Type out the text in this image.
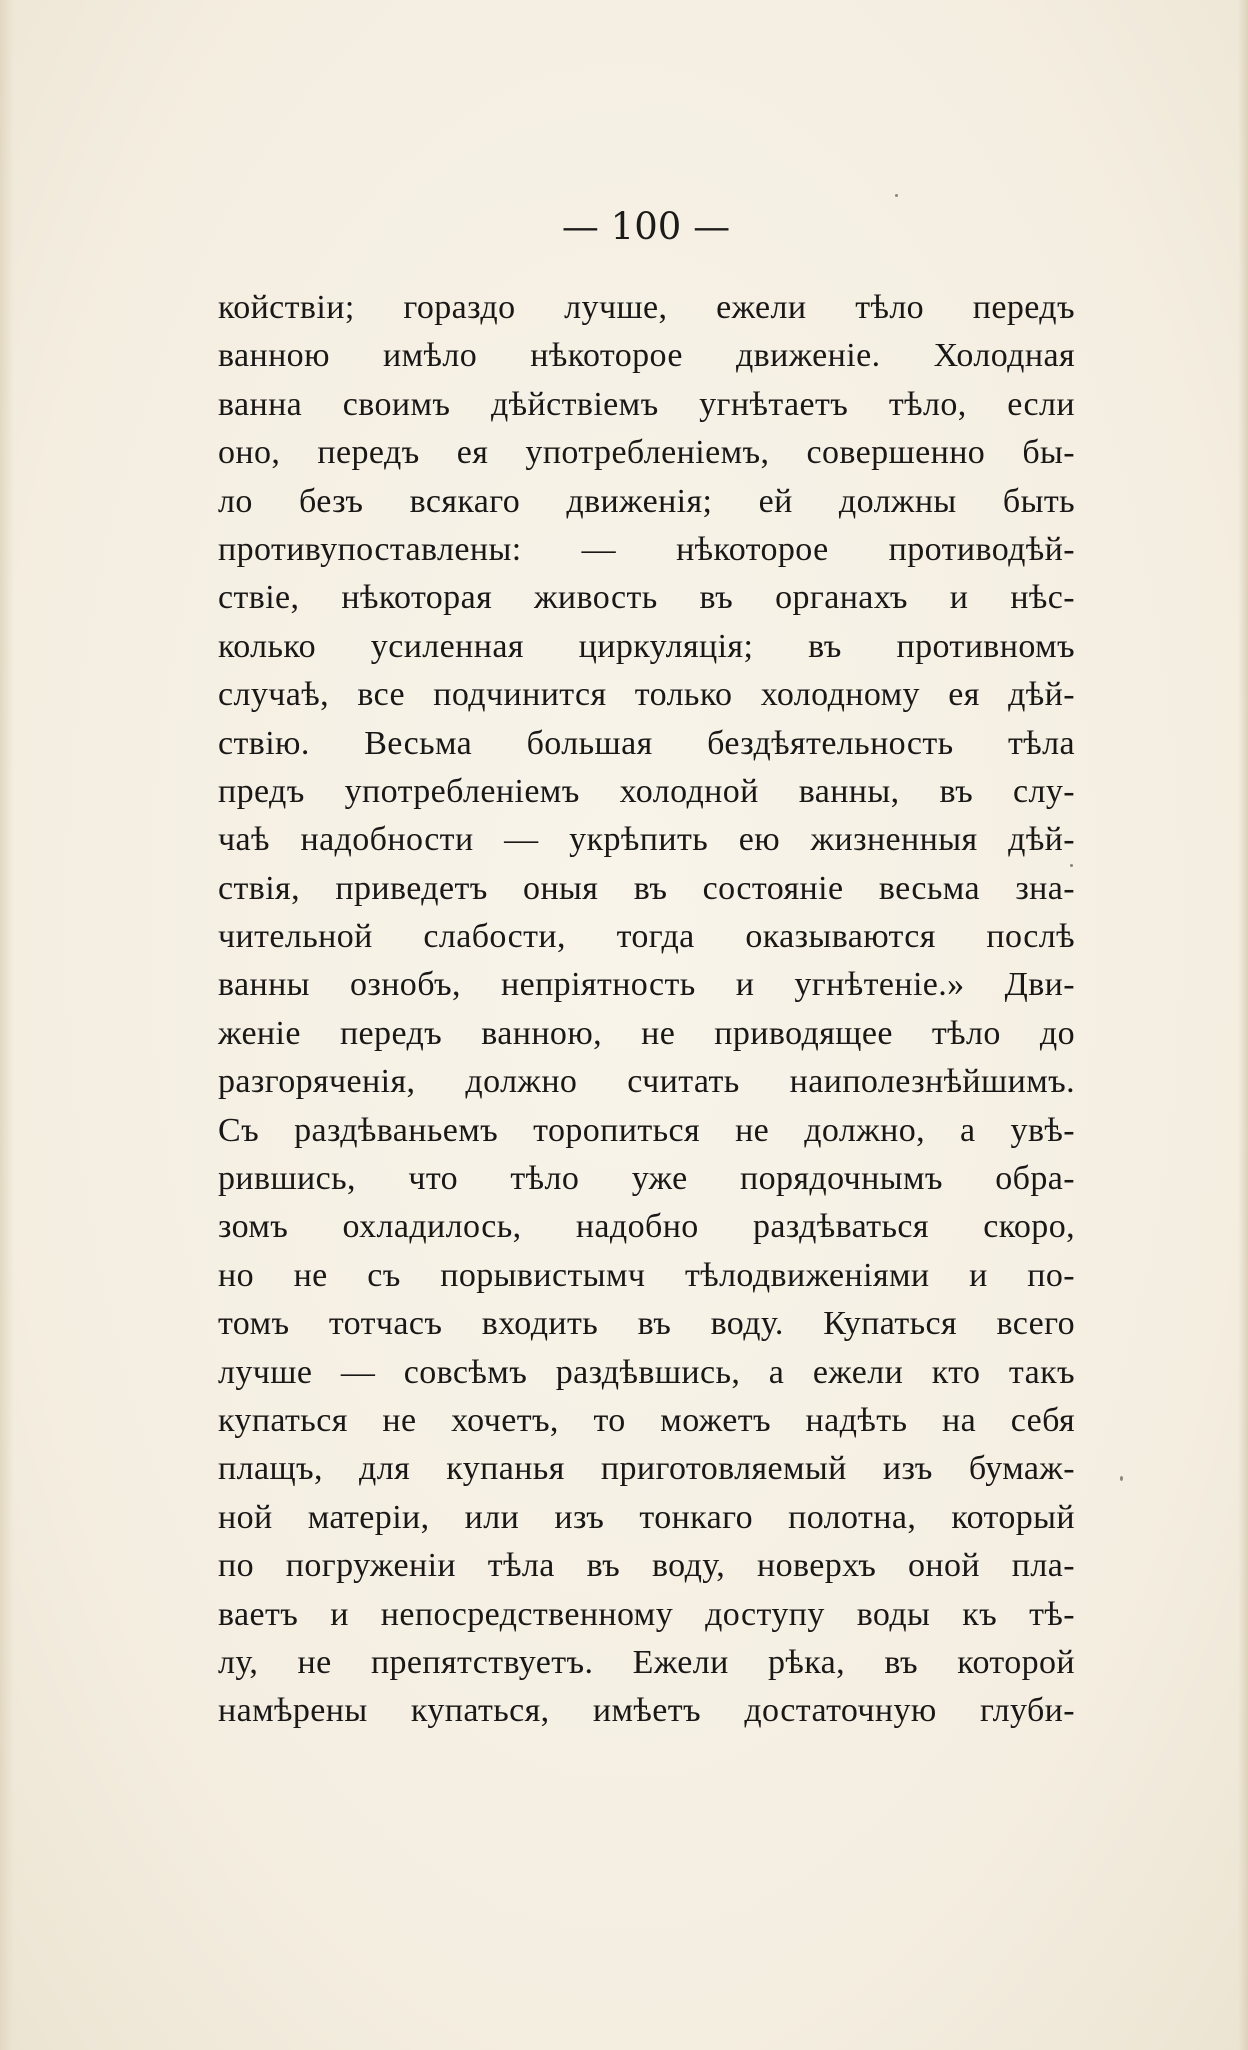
— 100 —
койствіи; гораздо лучше, ежели тѣло передъ
ванною имѣло нѣкоторое движеніе. Холодная
ванна своимъ дѣйствіемъ угнѣтаетъ тѣло, если
оно, передъ ея употребленіемъ, совершенно бы-
ло безъ всякаго движенія; ей должны быть
противупоставлены: — нѣкоторое противодѣй-
ствіе, нѣкоторая живость въ органахъ и нѣс-
колько усиленная циркуляція; въ противномъ
случаѣ, все подчинится только холодному ея дѣй-
ствію. Весьма большая бездѣятельность тѣла
предъ употребленіемъ холодной ванны, въ слу-
чаѣ надобности — укрѣпить ею жизненныя дѣй-
ствія, приведетъ оныя въ состояніе весьма зна-
чительной слабости, тогда оказываются послѣ
ванны ознобъ, непріятность и угнѣтеніе.» Дви-
женіе передъ ванною, не приводящее тѣло до
разгоряченія, должно считать наиполезнѣйшимъ.
Съ раздѣваньемъ торопиться не должно, а увѣ-
рившись, что тѣло уже порядочнымъ обра-
зомъ охладилось, надобно раздѣваться скоро,
но не съ порывистымч тѣлодвиженіями и по-
томъ тотчасъ входить въ воду. Купаться всего
лучше — совсѣмъ раздѣвшись, а ежели кто такъ
купаться не хочетъ, то можетъ надѣть на себя
плащъ, для купанья приготовляемый изъ бумаж-
ной матеріи, или изъ тонкаго полотна, который
по погруженіи тѣла въ воду, новерхъ оной пла-
ваетъ и непосредственному доступу воды къ тѣ-
лу, не препятствуетъ. Ежели рѣка, въ которой
намѣрены купаться, имѣетъ достаточную глуби-
